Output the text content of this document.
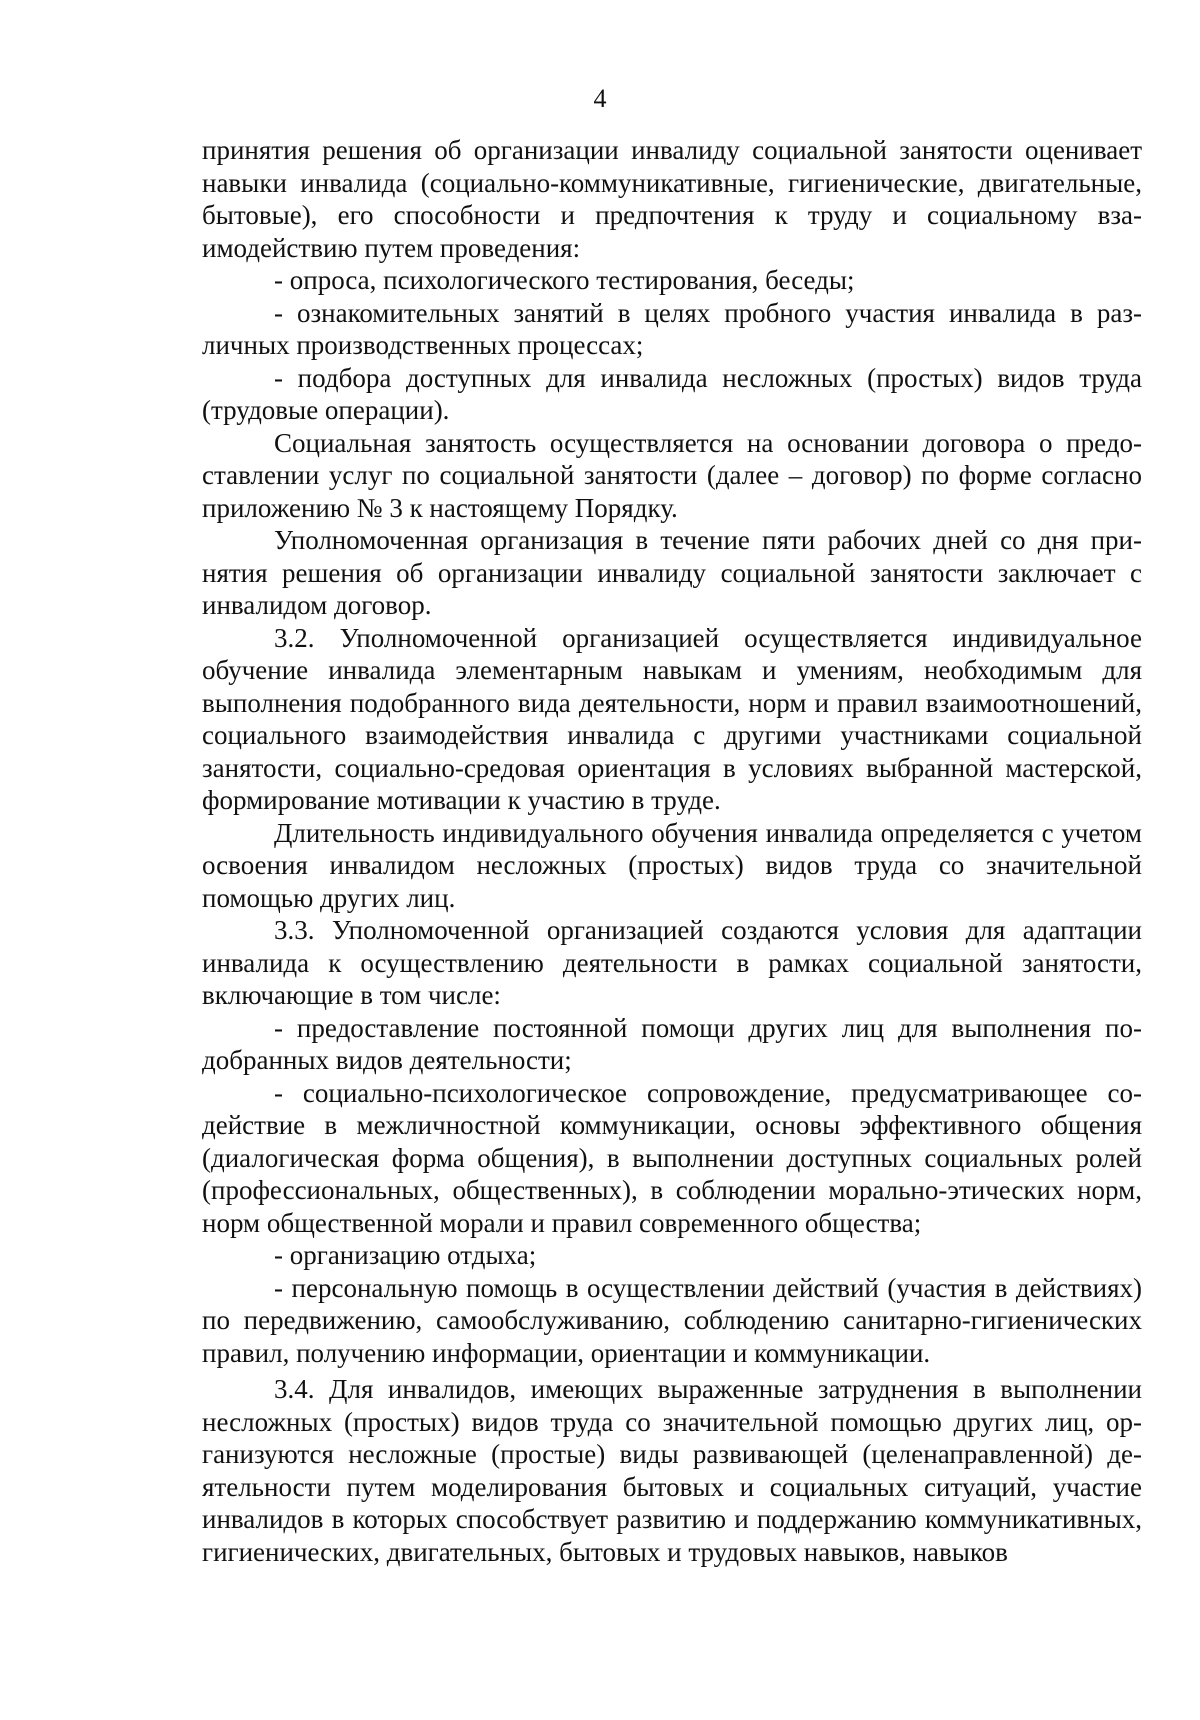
4

принятия решения об организации инвалиду социальной занятости оценивает навыки инвалида (социально-коммуникативные, гигиенические, двигательные, бытовые), его способности и предпочтения к труду и социальному взаимодействию путем проведения:

- опроса, психологического тестирования, беседы;

- ознакомительных занятий в целях пробного участия инвалида в различных производственных процессах;

- подбора доступных для инвалида несложных (простых) видов труда (трудовые операции).

Социальная занятость осуществляется на основании договора о предоставлении услуг по социальной занятости (далее – договор) по форме согласно приложению № 3 к настоящему Порядку.

Уполномоченная организация в течение пяти рабочих дней со дня принятия решения об организации инвалиду социальной занятости заключает с инвалидом договор.

3.2. Уполномоченной организацией осуществляется индивидуальное обучение инвалида элементарным навыкам и умениям, необходимым для выполнения подобранного вида деятельности, норм и правил взаимоотношений, социального взаимодействия инвалида с другими участниками социальной занятости, социально-средовая ориентация в условиях выбранной мастерской, формирование мотивации к участию в труде.

Длительность индивидуального обучения инвалида определяется с учетом освоения инвалидом несложных (простых) видов труда со значительной помощью других лиц.

3.3. Уполномоченной организацией создаются условия для адаптации инвалида к осуществлению деятельности в рамках социальной занятости, включающие в том числе:

- предоставление постоянной помощи других лиц для выполнения подобранных видов деятельности;

- социально-психологическое сопровождение, предусматривающее содействие в межличностной коммуникации, основы эффективного общения (диалогическая форма общения), в выполнении доступных социальных ролей (профессиональных, общественных), в соблюдении морально-этических норм, норм общественной морали и правил современного общества;

- организацию отдыха;

- персональную помощь в осуществлении действий (участия в действиях) по передвижению, самообслуживанию, соблюдению санитарно-гигиенических правил, получению информации, ориентации и коммуникации.

3.4. Для инвалидов, имеющих выраженные затруднения в выполнении несложных (простых) видов труда со значительной помощью других лиц, организуются несложные (простые) виды развивающей (целенаправленной) деятельности путем моделирования бытовых и социальных ситуаций, участие инвалидов в которых способствует развитию и поддержанию коммуникативных, гигиенических, двигательных, бытовых и трудовых навыков, навыков
